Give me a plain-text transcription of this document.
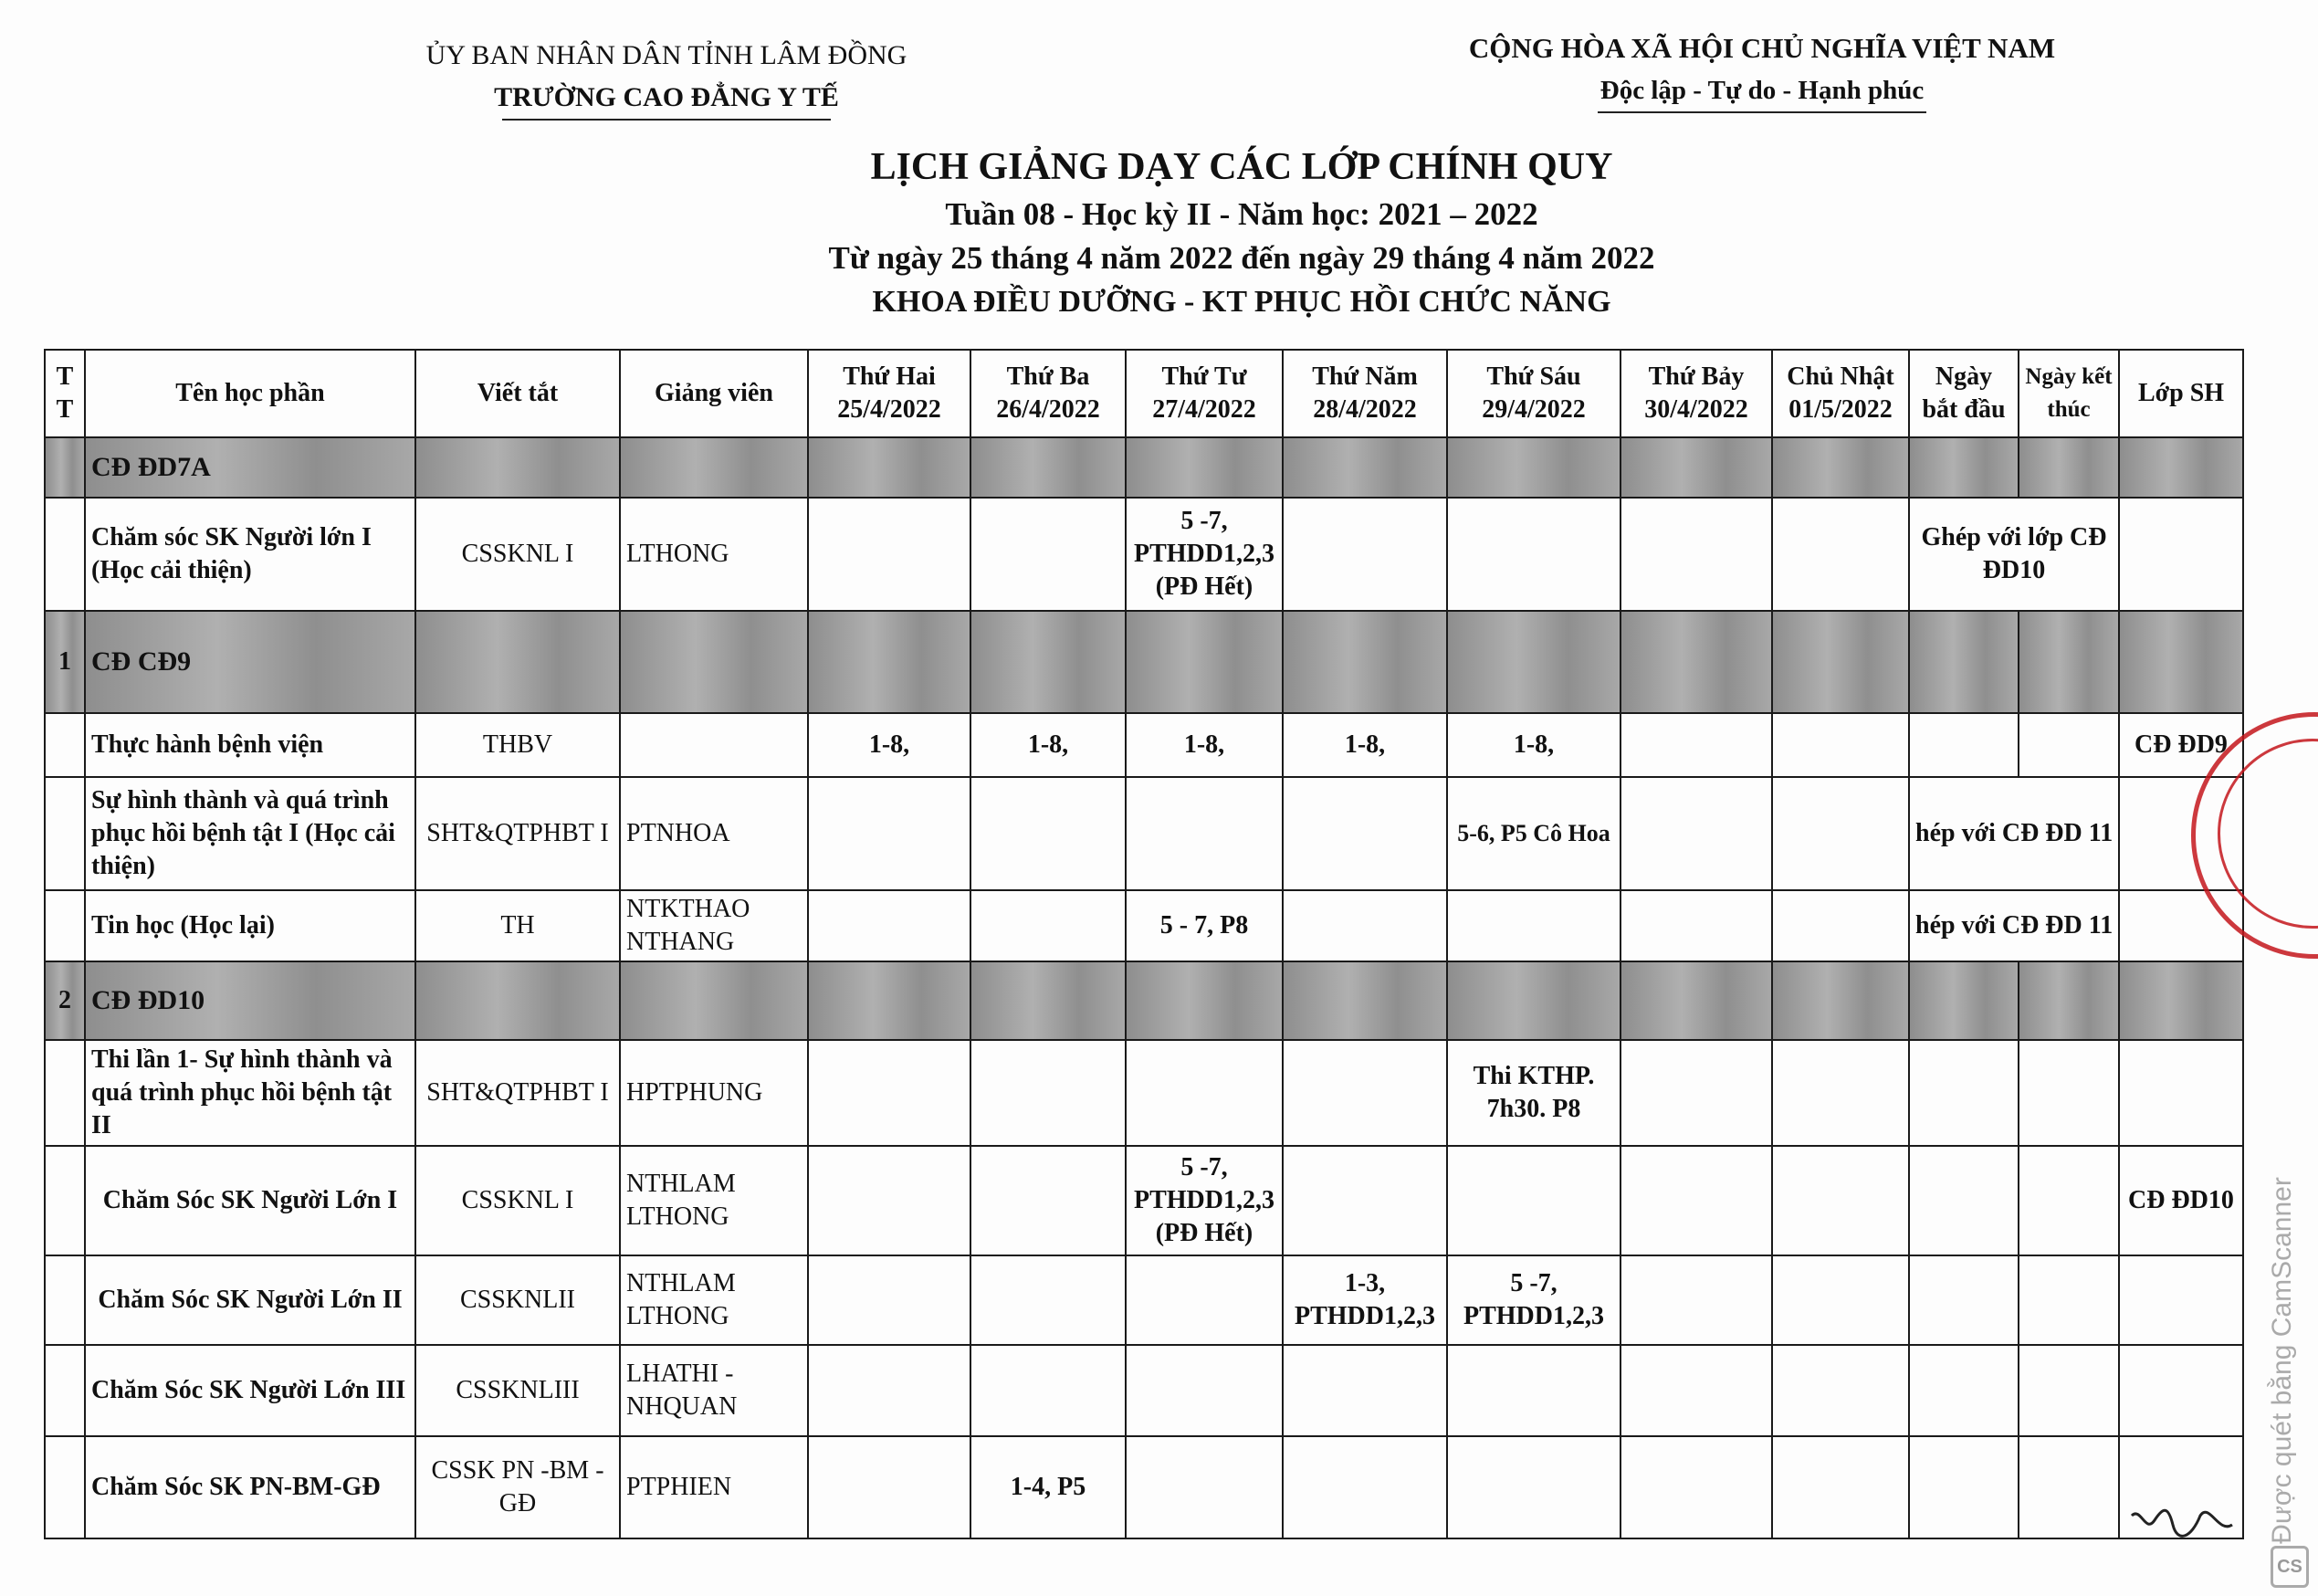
ỦY BAN NHÂN DÂN TỈNH LÂM ĐỒNG
TRƯỜNG CAO ĐẲNG Y TẾ
CỘNG HÒA XÃ HỘI CHỦ NGHĨA VIỆT NAM
Độc lập - Tự do - Hạnh phúc
LỊCH GIẢNG DẠY CÁC LỚP CHÍNH QUY
Tuần 08 - Học kỳ II - Năm học: 2021 – 2022
Từ ngày 25 tháng 4 năm 2022 đến ngày 29 tháng 4 năm 2022
KHOA ĐIỀU DƯỠNG - KT PHỤC HỒI CHỨC NĂNG
T T	Tên học phần	Viết tắt	Giảng viên	Thứ Hai 25/4/2022	Thứ Ba 26/4/2022	Thứ Tư 27/4/2022	Thứ Năm 28/4/2022	Thứ Sáu 29/4/2022	Thứ Bảy 30/4/2022	Chủ Nhật 01/5/2022	Ngày bắt đầu	Ngày kết thúc	Lớp SH
	CĐ ĐD7A												
	Chăm sóc SK Người lớn I (Học cải thiện)	CSSKNL I	LTHONG			5 -7, PTHDD1,2,3 (PĐ Hết)					Ghép với lớp CĐ ĐD10		
1	CĐ CĐ9												
	Thực hành bệnh viện	THBV		1-8,	1-8,	1-8,	1-8,	1-8,					CĐ ĐD9
	Sự hình thành và quá trình phục hồi bệnh tật I (Học cải thiện)	SHT&QTPHBT I	PTNHOA					5-6, P5 Cô Hoa			hép với CĐ ĐD 11		
	Tin học (Học lại)	TH	NTKTHAO NTHANG			5 - 7, P8					hép với CĐ ĐD 11		
2	CĐ ĐD10												
	Thi lần 1- Sự hình thành và quá trình phục hồi bệnh tật II	SHT&QTPHBT I	HPTPHUNG					Thi KTHP. 7h30. P8					
	Chăm Sóc SK Người Lớn I	CSSKNL I	NTHLAM LTHONG			5 -7, PTHDD1,2,3 (PĐ Hết)							CĐ ĐD10
	Chăm Sóc SK Người Lớn II	CSSKNLII	NTHLAM LTHONG				1-3, PTHDD1,2,3	5 -7, PTHDD1,2,3					
	Chăm Sóc SK Người Lớn III	CSSKNLIII	LHATHI - NHQUAN										
	Chăm Sóc SK PN-BM-GĐ	CSSK PN -BM - GĐ	PTPHIEN		1-4, P5									Được quét bằng CamScanner
CS
